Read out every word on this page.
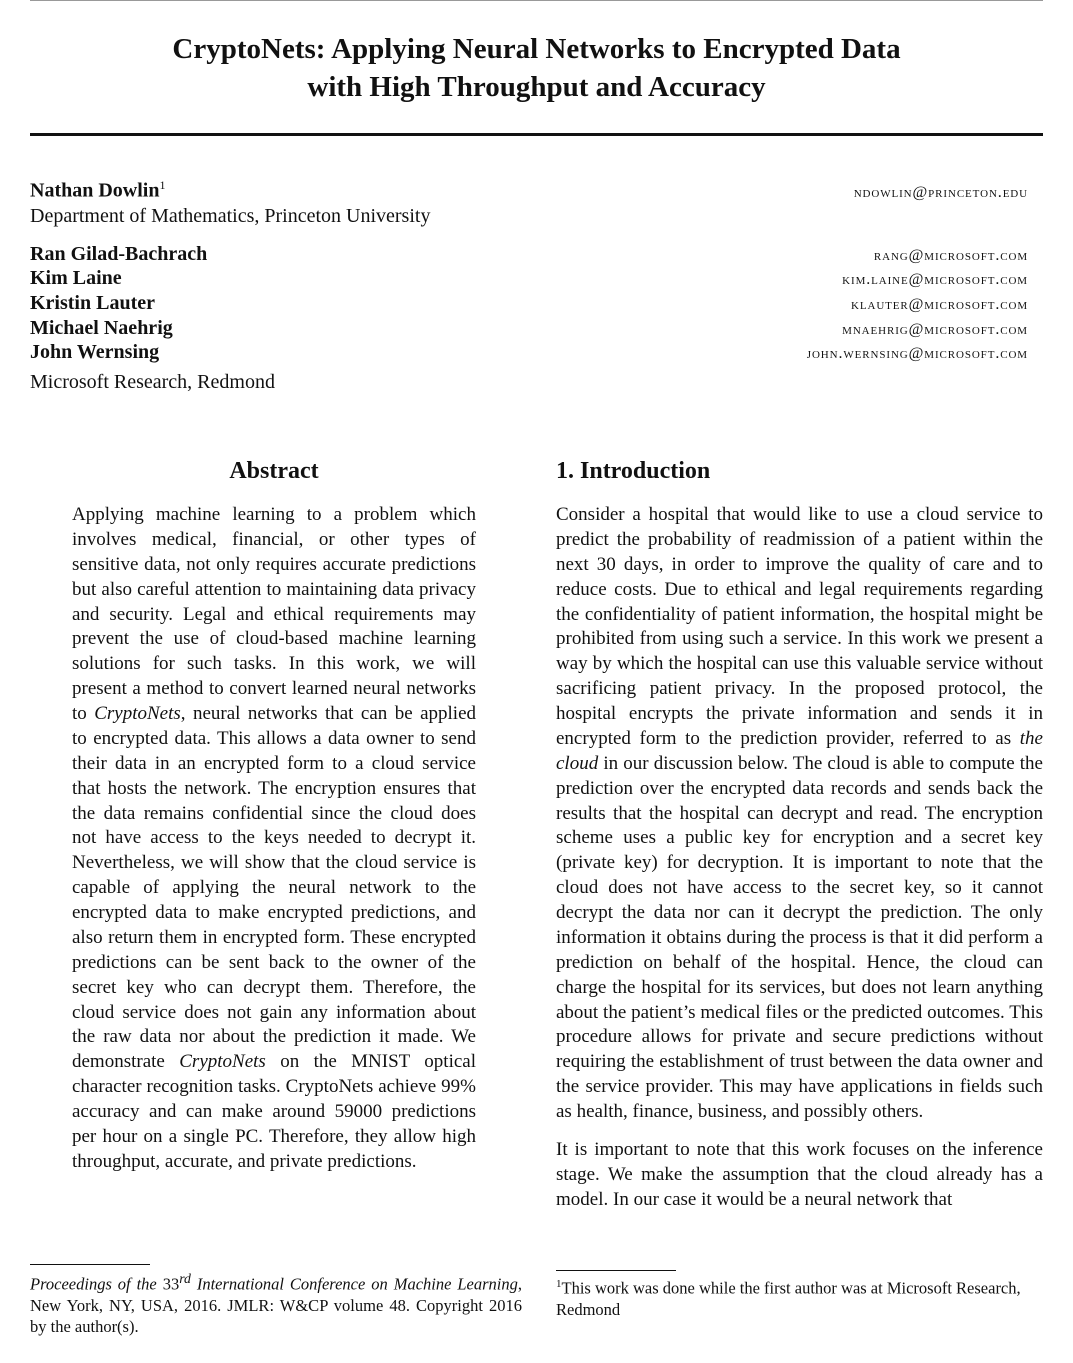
CryptoNets: Applying Neural Networks to Encrypted Data
with High Throughput and Accuracy
Nathan Dowlin$^1$	ndowlin@princeton.edu
Department of Mathematics, Princeton University
Ran Gilad-Bachrach	rang@microsoft.com
Kim Laine	kim.laine@microsoft.com
Kristin Lauter	klauter@microsoft.com
Michael Naehrig	mnaehrig@microsoft.com
John Wernsing	john.wernsing@microsoft.com
Microsoft Research, Redmond
Abstract

Applying machine learning to a problem which involves medical, financial, or other types of sensitive data, not only requires accurate predictions but also careful attention to maintaining data privacy and security. Legal and ethical requirements may prevent the use of cloud-based machine learning solutions for such tasks. In this work, we will present a method to convert learned neural networks to CryptoNets, neural networks that can be applied to encrypted data. This allows a data owner to send their data in an encrypted form to a cloud service that hosts the network. The encryption ensures that the data remains confidential since the cloud does not have access to the keys needed to decrypt it. Nevertheless, we will show that the cloud service is capable of applying the neural network to the encrypted data to make encrypted predictions, and also return them in encrypted form. These encrypted predictions can be sent back to the owner of the secret key who can decrypt them. Therefore, the cloud service does not gain any information about the raw data nor about the prediction it made. We demonstrate CryptoNets on the MNIST optical character recognition tasks. CryptoNets achieve 99% accuracy and can make around 59000 predictions per hour on a single PC. Therefore, they allow high throughput, accurate, and private predictions.

1. Introduction

Consider a hospital that would like to use a cloud service to predict the probability of readmission of a patient within the next 30 days, in order to improve the quality of care and to reduce costs. Due to ethical and legal requirements regarding the confidentiality of patient information, the hospital might be prohibited from using such a service. In this work we present a way by which the hospital can use this valuable service without sacrificing patient privacy. In the proposed protocol, the hospital encrypts the private information and sends it in encrypted form to the prediction provider, referred to as the cloud in our discussion below. The cloud is able to compute the prediction over the encrypted data records and sends back the results that the hospital can decrypt and read. The encryption scheme uses a public key for encryption and a secret key (private key) for decryption. It is important to note that the cloud does not have access to the secret key, so it cannot decrypt the data nor can it decrypt the prediction. The only information it obtains during the process is that it did perform a prediction on behalf of the hospital. Hence, the cloud can charge the hospital for its services, but does not learn anything about the patient’s medical files or the predicted outcomes. This procedure allows for private and secure predictions without requiring the establishment of trust between the data owner and the service provider. This may have applications in fields such as health, finance, business, and possibly others.

It is important to note that this work focuses on the inference stage. We make the assumption that the cloud already has a model. In our case it would be a neural network that

Proceedings of the 33rd International Conference on Machine Learning, New York, NY, USA, 2016. JMLR: W&CP volume 48. Copyright 2016 by the author(s).
$^1$This work was done while the first author was at Microsoft Research, Redmond
